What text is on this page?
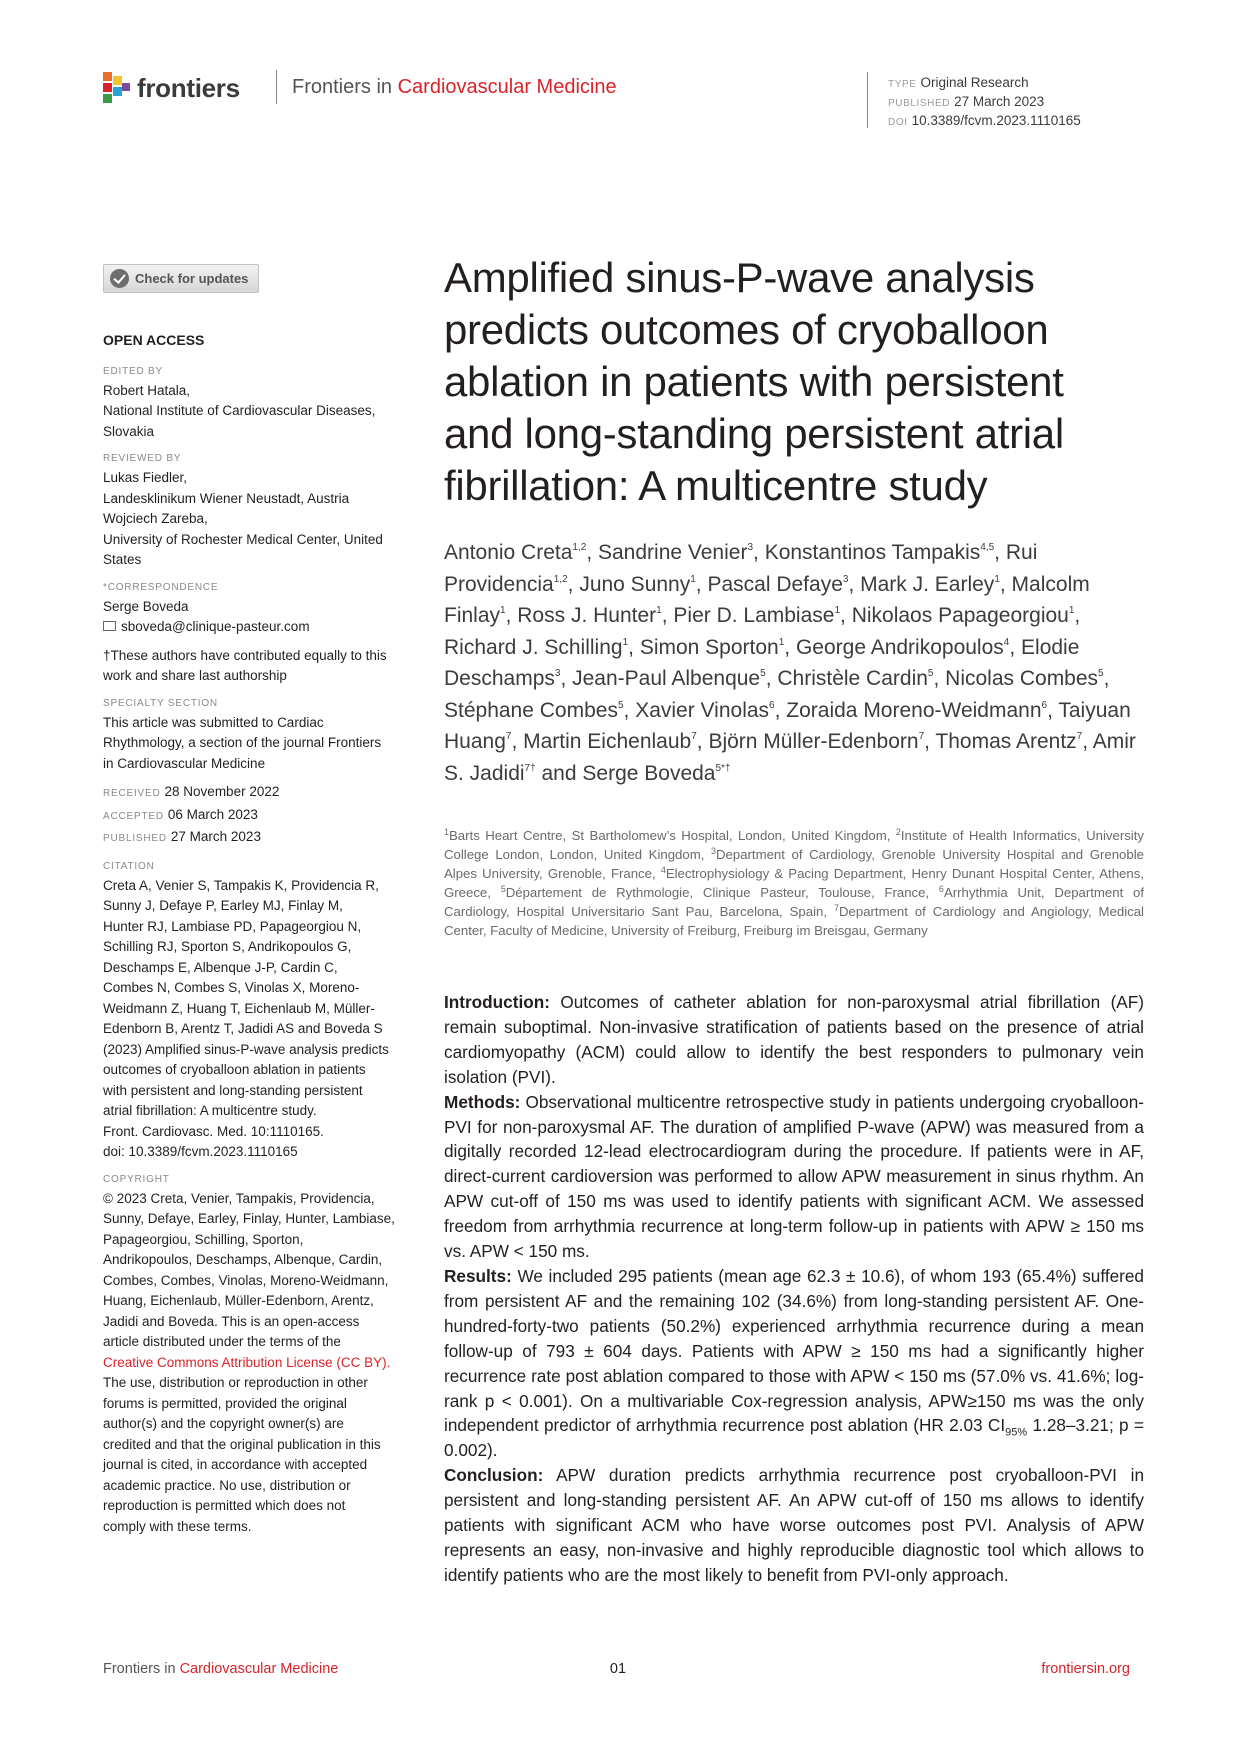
frontiers	Frontiers in Cardiovascular Medicine	TYPE Original Research
PUBLISHED 27 March 2023
DOI 10.3389/fcvm.2023.1110165
Check for updates
OPEN ACCESS
EDITED BY
Robert Hatala,
National Institute of Cardiovascular Diseases,
Slovakia
REVIEWED BY
Lukas Fiedler,
Landesklinikum Wiener Neustadt, Austria
Wojciech Zareba,
University of Rochester Medical Center, United
States
*CORRESPONDENCE
Serge Boveda
sboveda@clinique-pasteur.com
†These authors have contributed equally to this
work and share last authorship
SPECIALTY SECTION
This article was submitted to Cardiac
Rhythmology, a section of the journal Frontiers
in Cardiovascular Medicine
RECEIVED 28 November 2022
ACCEPTED 06 March 2023
PUBLISHED 27 March 2023
CITATION
Creta A, Venier S, Tampakis K, Providencia R,
Sunny J, Defaye P, Earley MJ, Finlay M,
Hunter RJ, Lambiase PD, Papageorgiou N,
Schilling RJ, Sporton S, Andrikopoulos G,
Deschamps E, Albenque J-P, Cardin C,
Combes N, Combes S, Vinolas X, Moreno-
Weidmann Z, Huang T, Eichenlaub M, Müller-
Edenborn B, Arentz T, Jadidi AS and Boveda S
(2023) Amplified sinus-P-wave analysis predicts
outcomes of cryoballoon ablation in patients
with persistent and long-standing persistent
atrial fibrillation: A multicentre study.
Front. Cardiovasc. Med. 10:1110165.
doi: 10.3389/fcvm.2023.1110165
COPYRIGHT
© 2023 Creta, Venier, Tampakis, Providencia,
Sunny, Defaye, Earley, Finlay, Hunter, Lambiase,
Papageorgiou, Schilling, Sporton,
Andrikopoulos, Deschamps, Albenque, Cardin,
Combes, Combes, Vinolas, Moreno-Weidmann,
Huang, Eichenlaub, Müller-Edenborn, Arentz,
Jadidi and Boveda. This is an open-access
article distributed under the terms of the
Creative Commons Attribution License (CC BY).
The use, distribution or reproduction in other
forums is permitted, provided the original
author(s) and the copyright owner(s) are
credited and that the original publication in this
journal is cited, in accordance with accepted
academic practice. No use, distribution or
reproduction is permitted which does not
comply with these terms.
Amplified sinus-P-wave analysis predicts outcomes of cryoballoon ablation in patients with persistent and long-standing persistent atrial fibrillation: A multicentre study
Antonio Creta$^{1,2}$, Sandrine Venier$^3$, Konstantinos Tampakis$^{4,5}$, Rui Providencia$^{1,2}$, Juno Sunny$^1$, Pascal Defaye$^3$, Mark J. Earley$^1$, Malcolm Finlay$^1$, Ross J. Hunter$^1$, Pier D. Lambiase$^1$, Nikolaos Papageorgiou$^1$, Richard J. Schilling$^1$, Simon Sporton$^1$, George Andrikopoulos$^4$, Elodie Deschamps$^3$, Jean-Paul Albenque$^5$, Christèle Cardin$^5$, Nicolas Combes$^5$, Stéphane Combes$^5$, Xavier Vinolas$^6$, Zoraida Moreno-Weidmann$^6$, Taiyuan Huang$^7$, Martin Eichenlaub$^7$, Björn Müller-Edenborn$^7$, Thomas Arentz$^7$, Amir S. Jadidi$^{7\dagger}$ and Serge Boveda$^{5*\dagger}$
$^1$Barts Heart Centre, St Bartholomew’s Hospital, London, United Kingdom, $^2$Institute of Health Informatics, University College London, London, United Kingdom, $^3$Department of Cardiology, Grenoble University Hospital and Grenoble Alpes University, Grenoble, France, $^4$Electrophysiology & Pacing Department, Henry Dunant Hospital Center, Athens, Greece, $^5$Département de Rythmologie, Clinique Pasteur, Toulouse, France, $^6$Arrhythmia Unit, Department of Cardiology, Hospital Universitario Sant Pau, Barcelona, Spain, $^7$Department of Cardiology and Angiology, Medical Center, Faculty of Medicine, University of Freiburg, Freiburg im Breisgau, Germany

Introduction: Outcomes of catheter ablation for non-paroxysmal atrial fibrillation (AF) remain suboptimal. Non-invasive stratification of patients based on the presence of atrial cardiomyopathy (ACM) could allow to identify the best responders to pulmonary vein isolation (PVI).

Methods: Observational multicentre retrospective study in patients undergoing cryoballoon-PVI for non-paroxysmal AF. The duration of amplified P-wave (APW) was measured from a digitally recorded 12-lead electrocardiogram during the procedure. If patients were in AF, direct-current cardioversion was performed to allow APW measurement in sinus rhythm. An APW cut-off of 150 ms was used to identify patients with significant ACM. We assessed freedom from arrhythmia recurrence at long-term follow-up in patients with APW ≥ 150 ms vs. APW < 150 ms.

Results: We included 295 patients (mean age 62.3 ± 10.6), of whom 193 (65.4%) suffered from persistent AF and the remaining 102 (34.6%) from long-standing persistent AF. One-hundred-forty-two patients (50.2%) experienced arrhythmia recurrence during a mean follow-up of 793 ± 604 days. Patients with APW ≥ 150 ms had a significantly higher recurrence rate post ablation compared to those with APW < 150 ms (57.0% vs. 41.6%; log-rank p < 0.001). On a multivariable Cox-regression analysis, APW≥150 ms was the only independent predictor of arrhythmia recurrence post ablation (HR 2.03 $CI_{95\%}$ 1.28–3.21; p = 0.002).

Conclusion: APW duration predicts arrhythmia recurrence post cryoballoon-PVI in persistent and long-standing persistent AF. An APW cut-off of 150 ms allows to identify patients with significant ACM who have worse outcomes post PVI. Analysis of APW represents an easy, non-invasive and highly reproducible diagnostic tool which allows to identify patients who are the most likely to benefit from PVI-only approach.

Frontiers in Cardiovascular Medicine	01	frontiersin.org
